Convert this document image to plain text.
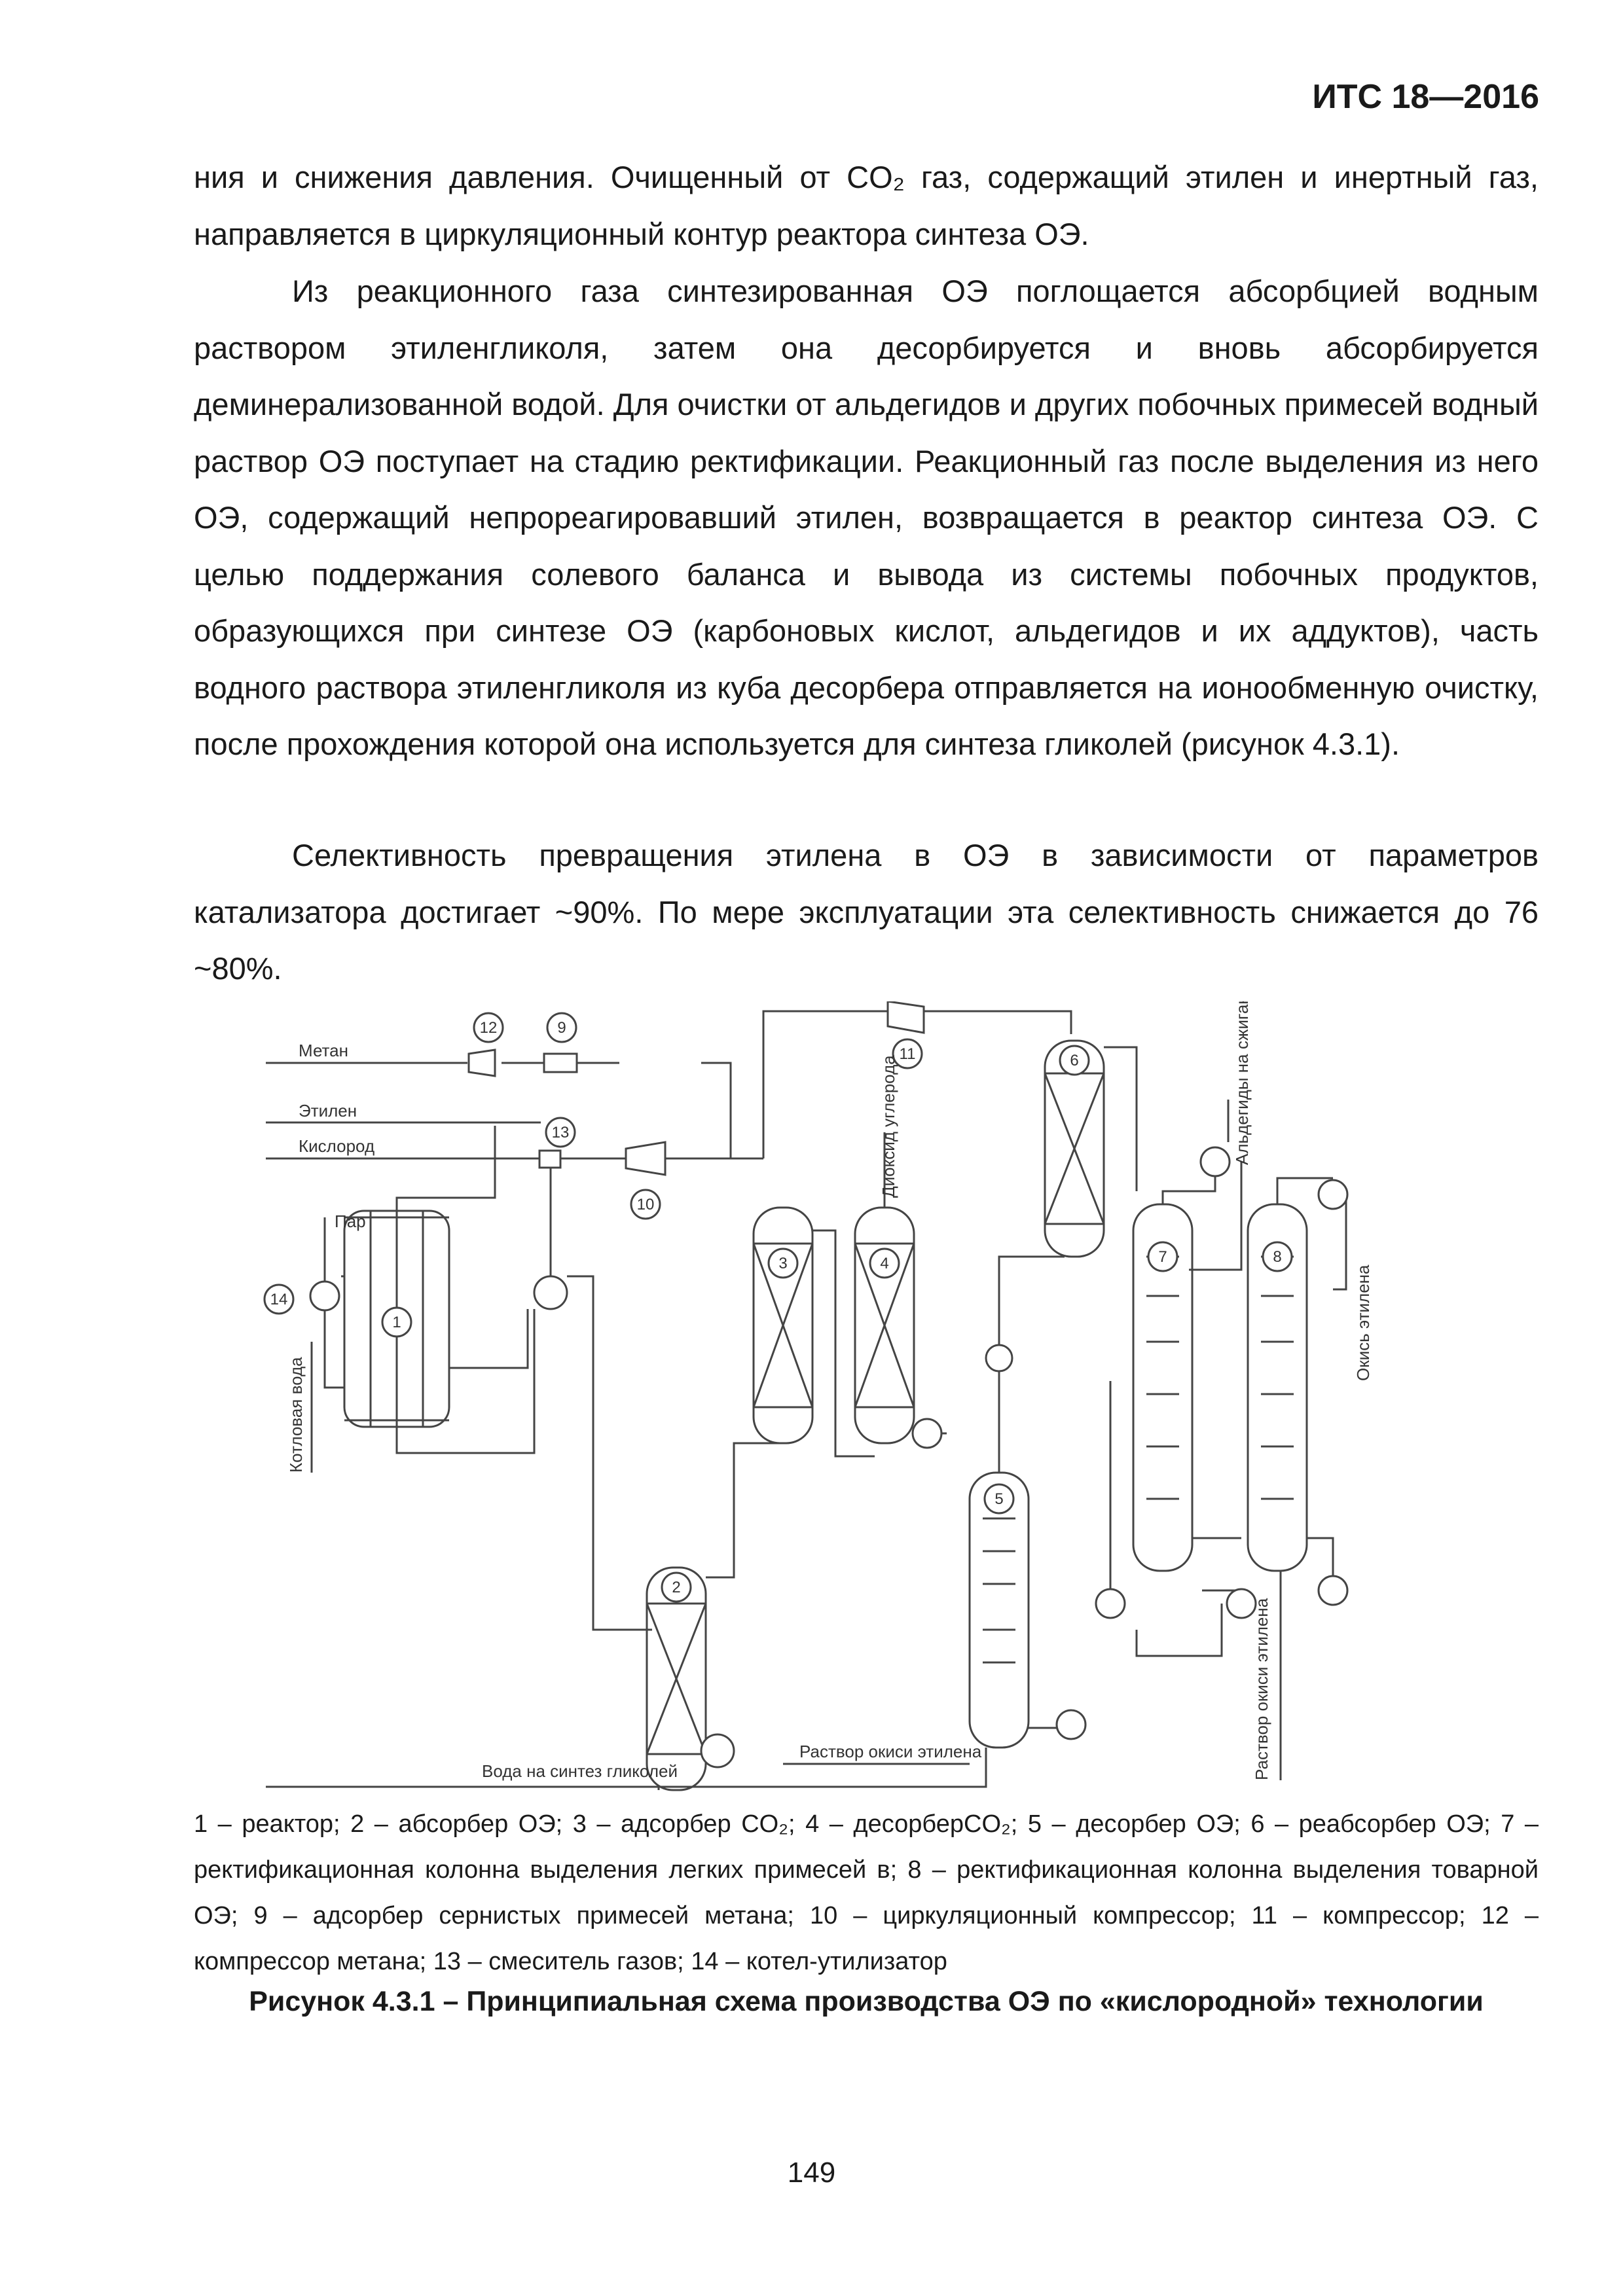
ИТС 18—2016

ния и снижения давления. Очищенный от CO₂ газ, содержащий этилен и инертный газ, направляется в циркуляционный контур реактора синтеза ОЭ.

Из реакционного газа синтезированная ОЭ поглощается абсорбцией водным раствором этиленгликоля, затем она десорбируется и вновь абсорбируется деминерализованной водой. Для очистки от альдегидов и других побочных примесей водный раствор ОЭ поступает на стадию ректификации. Реакционный газ после выделения из него ОЭ, содержащий непрореагировавший этилен, возвращается в реактор синтеза ОЭ. С целью поддержания солевого баланса и вывода из системы побочных продуктов, образующихся при синтезе ОЭ (карбоновых кислот, альдегидов и их аддуктов), часть водного раствора этиленгликоля из куба десорбера отправляется на ионообменную очистку, после прохождения которой она используется для синтеза гликолей (рисунок 4.3.1).

Селективность превращения этилена в ОЭ в зависимости от параметров катализатора достигает ~90%. По мере эксплуатации эта селективность снижается до 76 ~80%.

12	9
13
10
11
14
1
2
3	4
5
6
7	8
Метан
Этилен
Кислород
Пар
Вода на синтез гликолей
Раствор окиси этилена
Котловая вода
Диоксид углерода	Альдегиды на сжигание
Окись этилена
Раствор окиси этилена

1 – реактор; 2 – абсорбер ОЭ; 3 – адсорбер CO₂; 4 – десорберCO₂; 5 – десорбер ОЭ; 6 – реабсорбер ОЭ; 7 – ректификационная колонна выделения легких примесей в; 8 – ректификационная колонна выделения товарной ОЭ; 9 – адсорбер сернистых примесей метана; 10 – циркуляционный компрессор; 11 – компрессор; 12 – компрессор метана; 13 – смеситель газов; 14 – котел-утилизатор

Рисунок 4.3.1 – Принципиальная схема производства ОЭ по «кислородной» технологии
149
